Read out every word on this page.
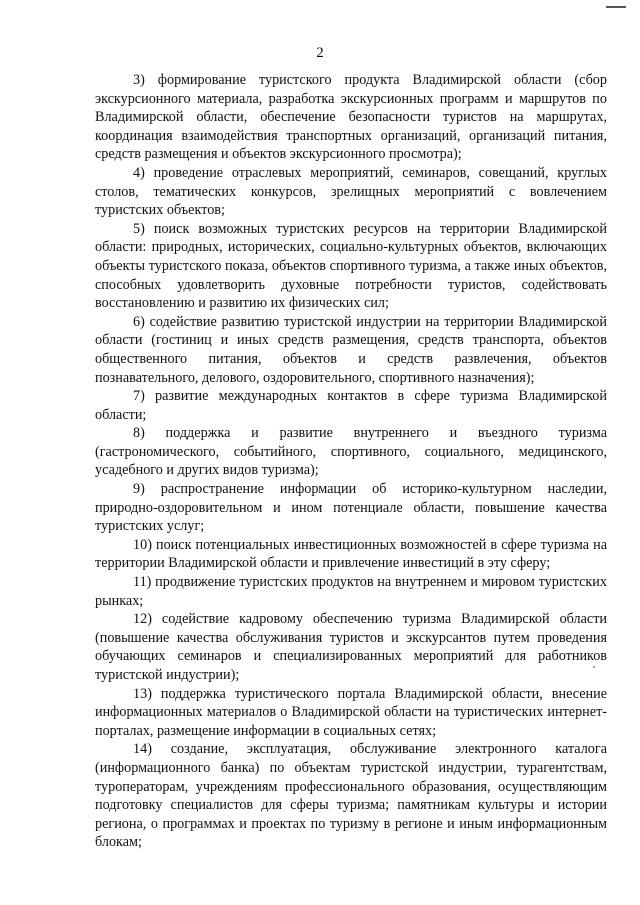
2

3) формирование туристского продукта Владимирской области (сбор экскурсионного материала, разработка экскурсионных программ и маршрутов по Владимирской области, обеспечение безопасности туристов на маршрутах, координация взаимодействия транспортных организаций, организаций питания, средств размещения и объектов экскурсионного просмотра);

4) проведение отраслевых мероприятий, семинаров, совещаний, круглых столов, тематических конкурсов, зрелищных мероприятий с вовлечением туристских объектов;

5) поиск возможных туристских ресурсов на территории Владимирской области: природных, исторических, социально-культурных объектов, включающих объекты туристского показа, объектов спортивного туризма, а также иных объектов, способных удовлетворить духовные потребности туристов, содействовать восстановлению и развитию их физических сил;

6) содействие развитию туристской индустрии на территории Владимирской области (гостиниц и иных средств размещения, средств транспорта, объектов общественного питания, объектов и средств развлечения, объектов познавательного, делового, оздоровительного, спортивного назначения);

7) развитие международных контактов в сфере туризма Владимирской области;

8) поддержка и развитие внутреннего и въездного туризма (гастрономического, событийного, спортивного, социального, медицинского, усадебного и других видов туризма);

9) распространение информации об историко-культурном наследии, природно-оздоровительном и ином потенциале области, повышение качества туристских услуг;

10) поиск потенциальных инвестиционных возможностей в сфере туризма на территории Владимирской области и привлечение инвестиций в эту сферу;

11) продвижение туристских продуктов на внутреннем и мировом туристских рынках;

12) содействие кадровому обеспечению туризма Владимирской области (повышение качества обслуживания туристов и экскурсантов путем проведения обучающих семинаров и специализированных мероприятий для работников туристской индустрии);

13) поддержка туристического портала Владимирской области, внесение информационных материалов о Владимирской области на туристических интернет-порталах, размещение информации в социальных сетях;

14) создание, эксплуатация, обслуживание электронного каталога (информационного банка) по объектам туристской индустрии, турагентствам, туроператорам, учреждениям профессионального образования, осуществляющим подготовку специалистов для сферы туризма; памятникам культуры и истории региона, о программах и проектах по туризму в регионе и иным информационным блокам;
